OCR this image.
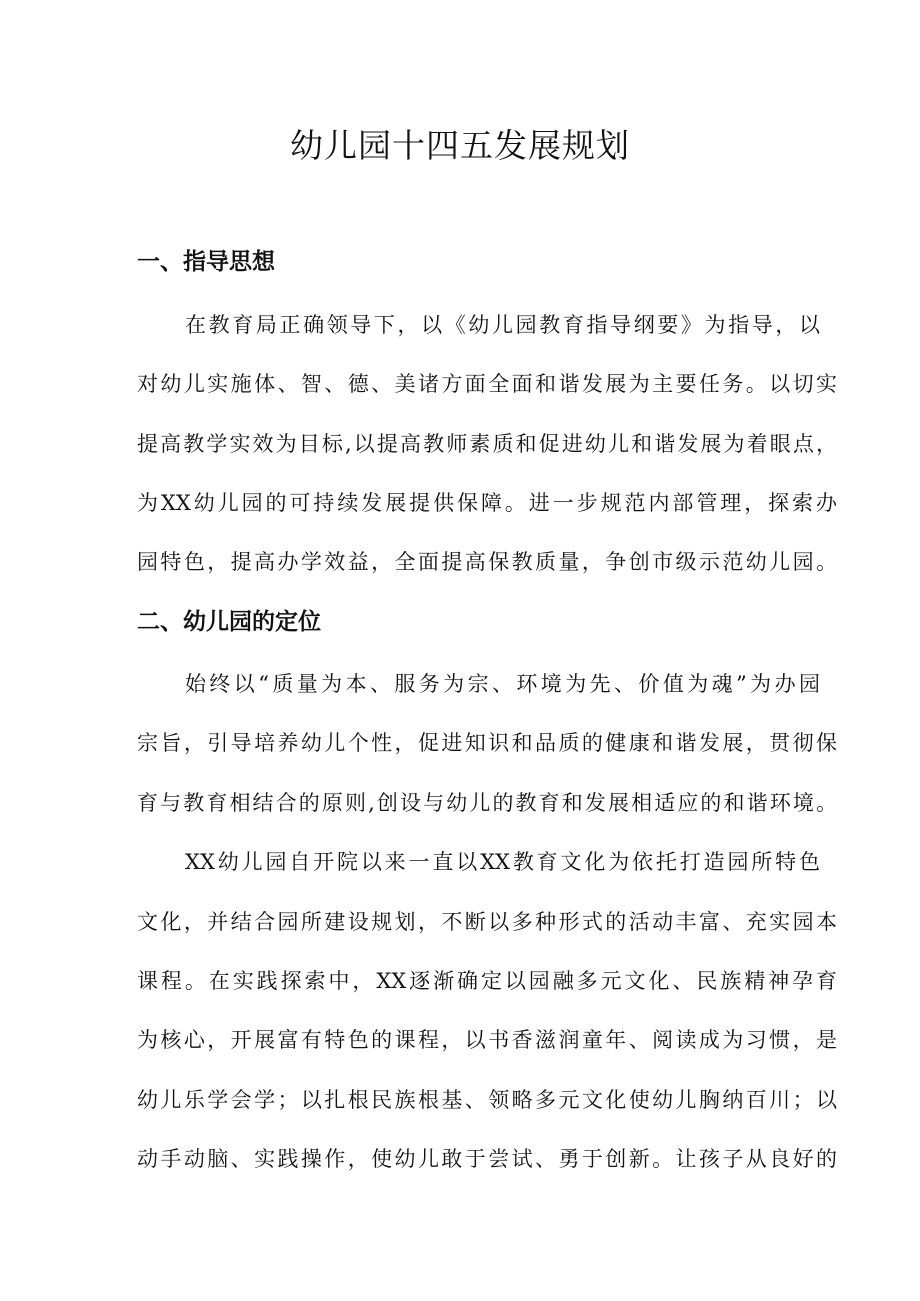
幼儿园十四五发展规划
一、指导思想
在教育局正确领导下，以《幼儿园教育指导纲要》为指导，以
对幼儿实施体、智、德、美诸方面全面和谐发展为主要任务。以切实
提高教学实效为目标,以提高教师素质和促进幼儿和谐发展为着眼点，
为XX幼儿园的可持续发展提供保障。进一步规范内部管理，探索办
园特色，提高办学效益，全面提高保教质量，争创市级示范幼儿园。
二、幼儿园的定位
始终以“质量为本、服务为宗、环境为先、价值为魂”为办园
宗旨，引导培养幼儿个性，促进知识和品质的健康和谐发展，贯彻保
育与教育相结合的原则,创设与幼儿的教育和发展相适应的和谐环境。
XX幼儿园自开院以来一直以XX教育文化为依托打造园所特色
文化，并结合园所建设规划，不断以多种形式的活动丰富、充实园本
课程。在实践探索中，XX逐渐确定以园融多元文化、民族精神孕育
为核心，开展富有特色的课程，以书香滋润童年、阅读成为习惯，是
幼儿乐学会学；以扎根民族根基、领略多元文化使幼儿胸纳百川；以
动手动脑、实践操作，使幼儿敢于尝试、勇于创新。让孩子从良好的
